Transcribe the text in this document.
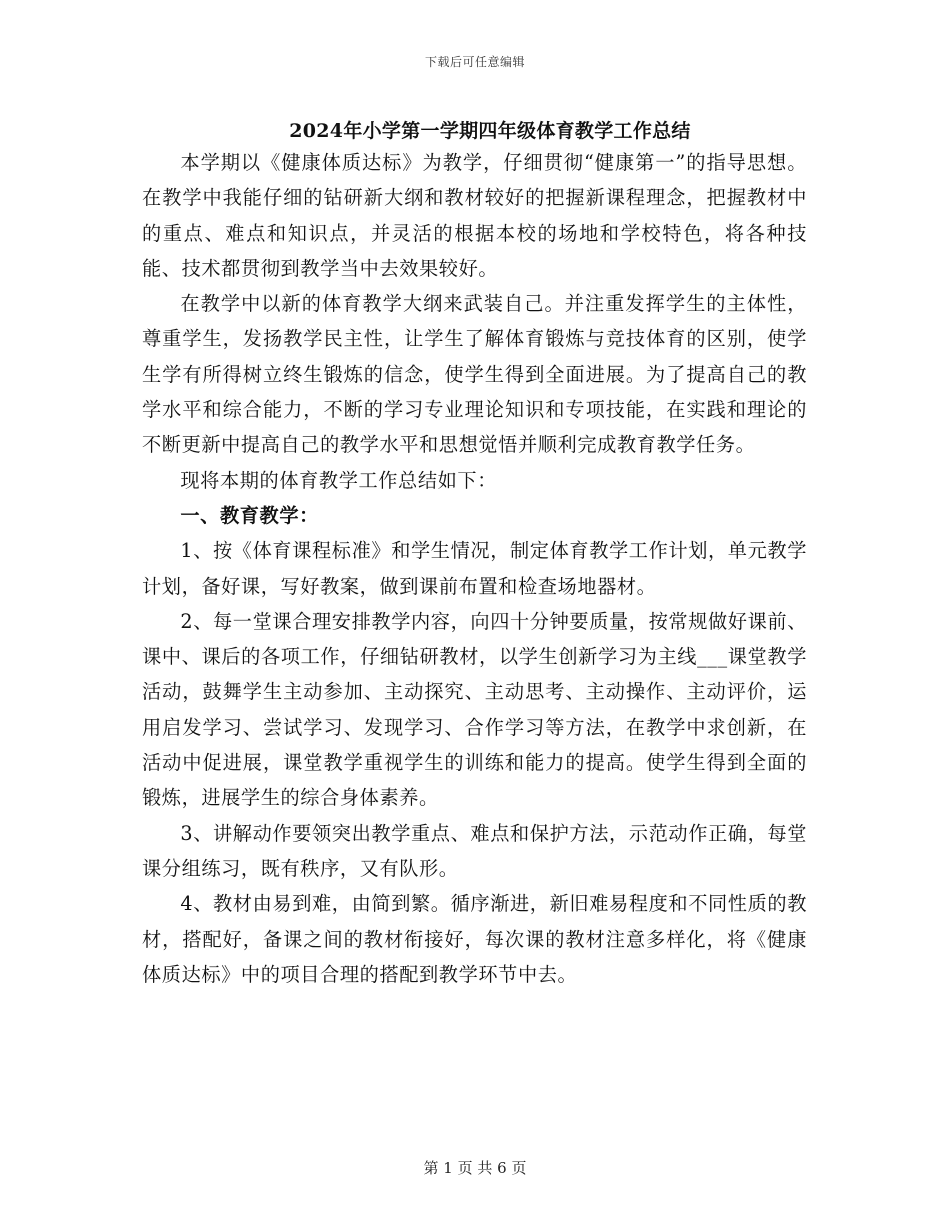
下载后可任意编辑
2024年小学第一学期四年级体育教学工作总结

本学期以《健康体质达标》为教学，仔细贯彻“健康第一”的指导思想。在教学中我能仔细的钻研新大纲和教材较好的把握新课程理念，把握教材中的重点、难点和知识点，并灵活的根据本校的场地和学校特色，将各种技能、技术都贯彻到教学当中去效果较好。

在教学中以新的体育教学大纲来武装自己。并注重发挥学生的主体性，尊重学生，发扬教学民主性，让学生了解体育锻炼与竞技体育的区别，使学生学有所得树立终生锻炼的信念，使学生得到全面进展。为了提高自己的教学水平和综合能力，不断的学习专业理论知识和专项技能，在实践和理论的不断更新中提高自己的教学水平和思想觉悟并顺利完成教育教学任务。

现将本期的体育教学工作总结如下：

一、教育教学：

1、按《体育课程标准》和学生情况，制定体育教学工作计划，单元教学计划，备好课，写好教案，做到课前布置和检查场地器材。

2、每一堂课合理安排教学内容，向四十分钟要质量，按常规做好课前、课中、课后的各项工作，仔细钻研教材，以学生创新学习为主线___课堂教学活动，鼓舞学生主动参加、主动探究、主动思考、主动操作、主动评价，运用启发学习、尝试学习、发现学习、合作学习等方法，在教学中求创新，在活动中促进展，课堂教学重视学生的训练和能力的提高。使学生得到全面的锻炼，进展学生的综合身体素养。

3、讲解动作要领突出教学重点、难点和保护方法，示范动作正确，每堂课分组练习，既有秩序，又有队形。

4、教材由易到难，由简到繁。循序渐进，新旧难易程度和不同性质的教材，搭配好，备课之间的教材衔接好，每次课的教材注意多样化，将《健康体质达标》中的项目合理的搭配到教学环节中去。

第 1 页 共 6 页
